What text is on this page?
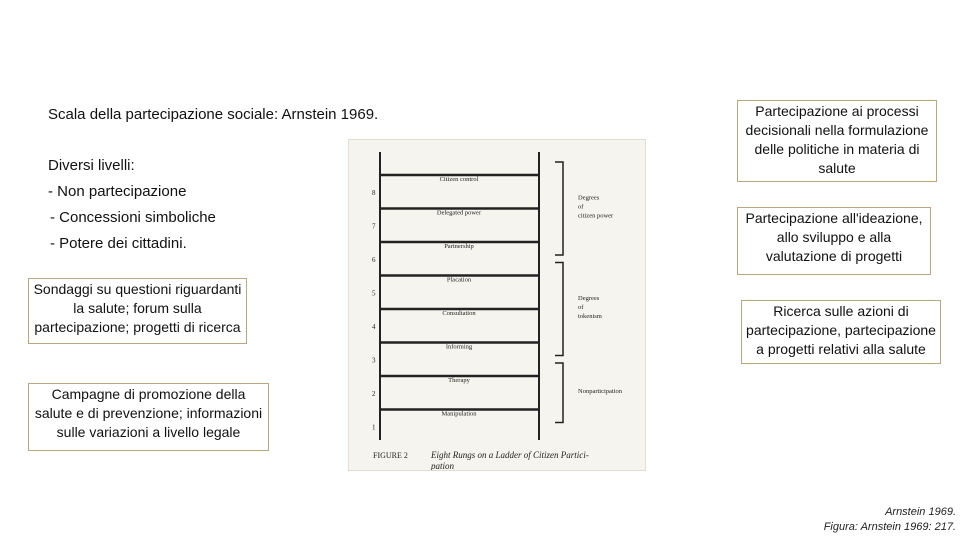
Scala della partecipazione sociale: Arnstein 1969.
Diversi livelli:
- Non partecipazione
- Concessioni simboliche
- Potere dei cittadini.
Sondaggi su questioni riguardanti la salute; forum sulla partecipazione; progetti di ricerca
Campagne di promozione della salute e di prevenzione; informazioni sulle variazioni a livello legale
Partecipazione ai processi decisionali nella formulazione delle politiche in materia di salute
Partecipazione all'ideazione, allo sviluppo e alla valutazione di progetti
Ricerca sulle azioni di partecipazione, partecipazione a progetti relativi alla salute
Citizen control
8
Delegated power
7
Partnership
6
Placation
5
Consultation
4
Informing
3
Therapy
2
Manipulation
1
Degrees
of
citizen power
Degrees
of
tokenism
Nonparticipation
FIGURE 2	Eight Rungs on a Ladder of Citizen Partici-
pation
Arnstein 1969.
Figura: Arnstein 1969: 217.
